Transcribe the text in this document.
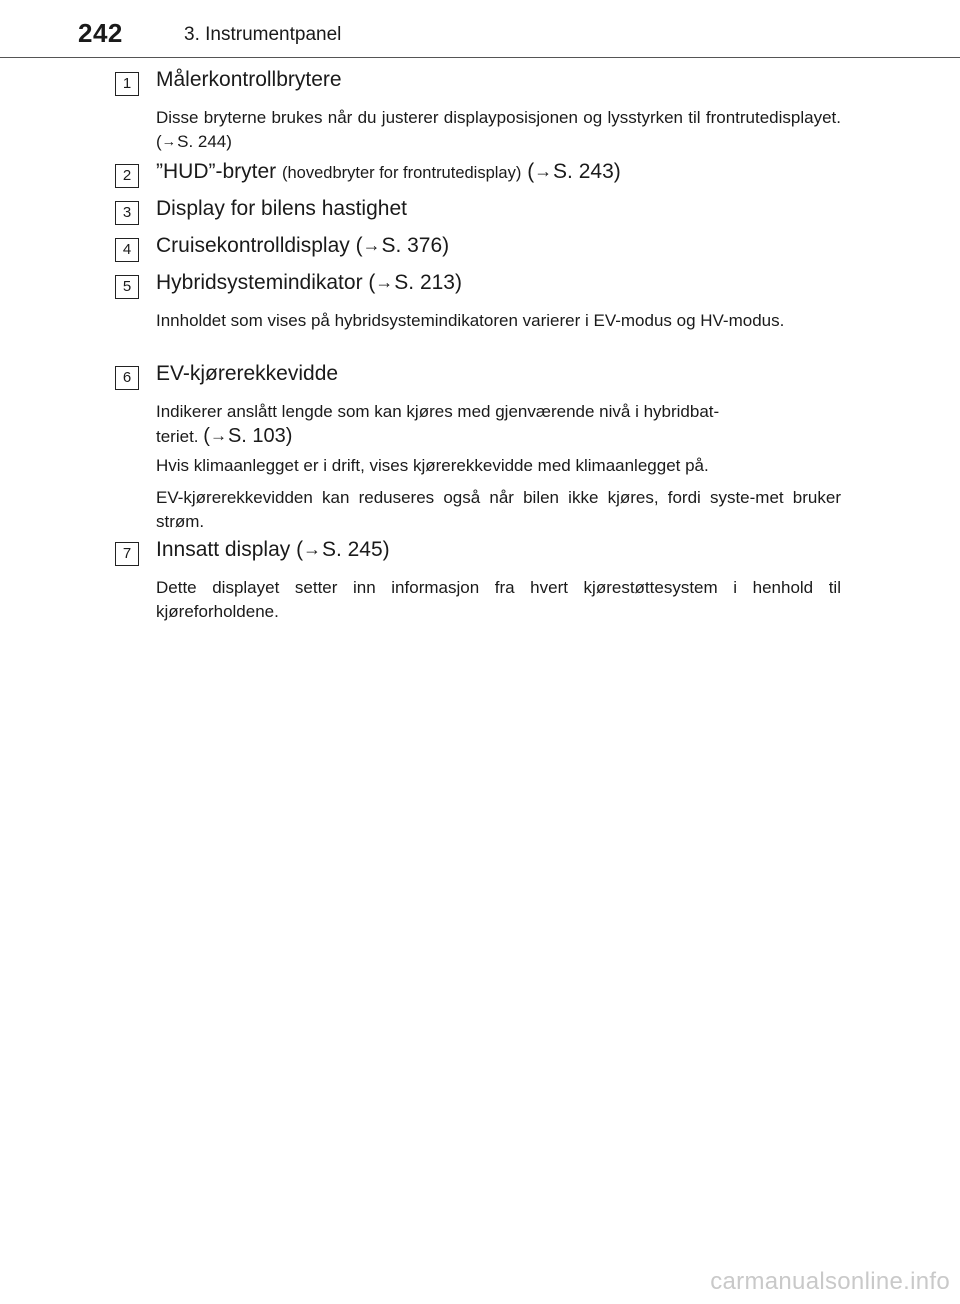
242	3. Instrumentpanel
1	Målerkontrollbrytere
Disse bryterne brukes når du justerer displayposisjonen og lysstyrken til frontrutedisplayet. (→S. 244)
2	”HUD”-bryter (hovedbryter for frontrutedisplay) (→S. 243)
3	Display for bilens hastighet
4	Cruisekontrolldisplay (→S. 376)
5	Hybridsystemindikator (→S. 213)
Innholdet som vises på hybridsystemindikatoren varierer i EV-modus og HV-modus.
6	EV-kjørerekkevidde
Indikerer anslått lengde som kan kjøres med gjenværende nivå i hybridbat-
teriet. (→S. 103)
Hvis klimaanlegget er i drift, vises kjørerekkevidde med klimaanlegget på.
EV-kjørerekkevidden kan reduseres også når bilen ikke kjøres, fordi syste-met bruker strøm.
7	Innsatt display (→S. 245)
Dette displayet setter inn informasjon fra hvert kjørestøttesystem i henhold til kjøreforholdene.
carmanualsonline.info
